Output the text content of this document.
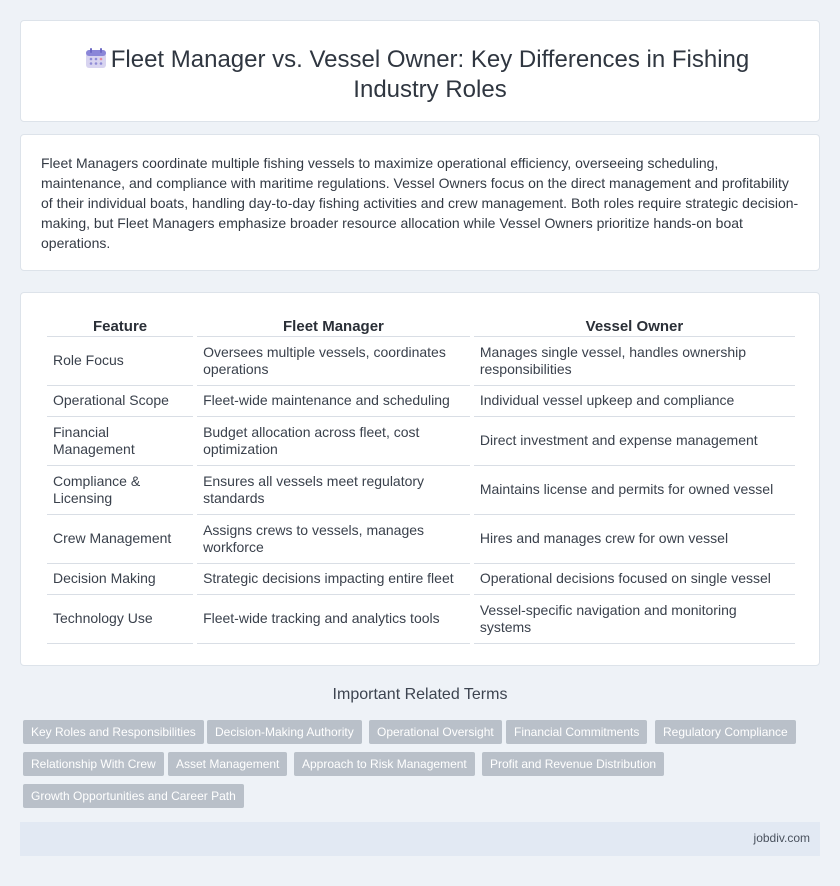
Fleet Manager vs. Vessel Owner: Key Differences in Fishing Industry Roles

Fleet Managers coordinate multiple fishing vessels to maximize operational efficiency, overseeing scheduling, maintenance, and compliance with maritime regulations. Vessel Owners focus on the direct management and profitability of their individual boats, handling day-to-day fishing activities and crew management. Both roles require strategic decision-making, but Fleet Managers emphasize broader resource allocation while Vessel Owners prioritize hands-on boat operations.

Feature	Fleet Manager	Vessel Owner
Role Focus	Oversees multiple vessels, coordinates operations	Manages single vessel, handles ownership responsibilities
Operational Scope	Fleet-wide maintenance and scheduling	Individual vessel upkeep and compliance
Financial Management	Budget allocation across fleet, cost optimization	Direct investment and expense management
Compliance & Licensing	Ensures all vessels meet regulatory standards	Maintains license and permits for owned vessel
Crew Management	Assigns crews to vessels, manages workforce	Hires and manages crew for own vessel
Decision Making	Strategic decisions impacting entire fleet	Operational decisions focused on single vessel
Technology Use	Fleet-wide tracking and analytics tools	Vessel-specific navigation and monitoring systems
Important Related Terms
Key Roles and Responsibilities	Decision-Making Authority	Operational Oversight	Financial Commitments	Regulatory Compliance
Relationship With Crew	Asset Management	Approach to Risk Management	Profit and Revenue Distribution
Growth Opportunities and Career Path
jobdiv.com
